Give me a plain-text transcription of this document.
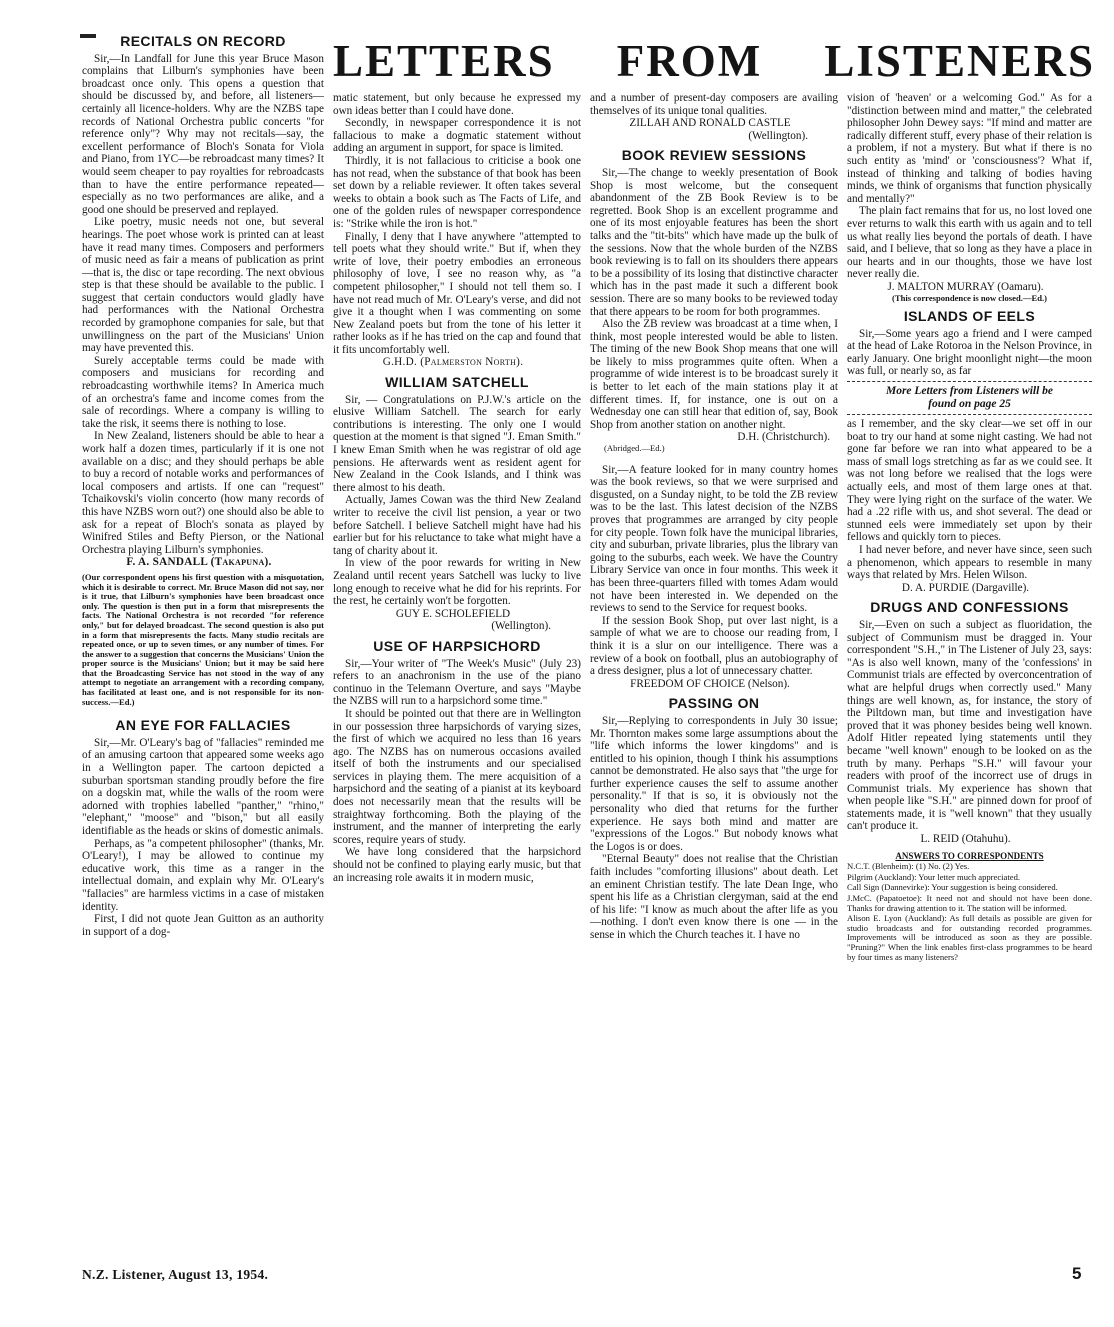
LETTERS FROM LISTENERS
RECITALS ON RECORD

Sir,—In Landfall for June this year Bruce Mason complains that Lilburn's symphonies have been broadcast once only. This opens a question that should be discussed by, and before, all listeners—certainly all licence-holders. Why are the NZBS tape records of National Orchestra public concerts "for reference only"? Why may not recitals—say, the excellent performance of Bloch's Sonata for Viola and Piano, from 1YC—be rebroadcast many times? It would seem cheaper to pay royalties for rebroadcasts than to have the entire performance repeated—especially as no two performances are alike, and a good one should be preserved and replayed.

Like poetry, music needs not one, but several hearings. The poet whose work is printed can at least have it read many times. Composers and performers of music need as fair a means of publication as print—that is, the disc or tape recording. The next obvious step is that these should be available to the public. I suggest that certain conductors would gladly have had performances with the National Orchestra recorded by gramophone companies for sale, but that unwillingness on the part of the Musicians' Union may have prevented this.

Surely acceptable terms could be made with composers and musicians for recording and rebroadcasting worthwhile items? In America much of an orchestra's fame and income comes from the sale of recordings. Where a company is willing to take the risk, it seems there is nothing to lose.

In New Zealand, listeners should be able to hear a work half a dozen times, particularly if it is one not available on a disc; and they should perhaps be able to buy a record of notable works and performances of local composers and artists. If one can "request" Tchaikovski's violin concerto (how many records of this have NZBS worn out?) one should also be able to ask for a repeat of Bloch's sonata as played by Winifred Stiles and Befty Pierson, or the National Orchestra playing Lilburn's symphonies.

F. A. SANDALL (Takapuna).
(Our correspondent opens his first question with a misquotation, which it is desirable to correct. Mr. Bruce Mason did not say, nor is it true, that Lilburn's symphonies have been broadcast once only. The question is then put in a form that misrepresents the facts. The National Orchestra is not recorded "for reference only," but for delayed broadcast. The second question is also put in a form that misrepresents the facts. Many studio recitals are repeated once, or up to seven times, or any number of times. For the answer to a suggestion that concerns the Musicians' Union the proper source is the Musicians' Union; but it may be said here that the Broadcasting Service has not stood in the way of any attempt to negotiate an arrangement with a recording company, has facilitated at least one, and is not responsible for its non-success.—Ed.)
AN EYE FOR FALLACIES

Sir,—Mr. O'Leary's bag of "fallacies" reminded me of an amusing cartoon that appeared some weeks ago in a Wellington paper. The cartoon depicted a suburban sportsman standing proudly before the fire on a dogskin mat, while the walls of the room were adorned with trophies labelled "panther," "rhino," "elephant," "moose" and "bison," but all easily identifiable as the heads or skins of domestic animals.

Perhaps, as "a competent philosopher" (thanks, Mr. O'Leary!), I may be allowed to continue my educative work, this time as a ranger in the intellectual domain, and explain why Mr. O'Leary's "fallacies" are harmless victims in a case of mistaken identity.

First, I did not quote Jean Guitton as an authority in support of a dog-

matic statement, but only because he expressed my own ideas better than I could have done.

Secondly, in newspaper correspondence it is not fallacious to make a dogmatic statement without adding an argument in support, for space is limited.

Thirdly, it is not fallacious to criticise a book one has not read, when the substance of that book has been set down by a reliable reviewer. It often takes several weeks to obtain a book such as The Facts of Life, and one of the golden rules of newspaper correspondence is: "Strike while the iron is hot."

Finally, I deny that I have anywhere "attempted to tell poets what they should write." But if, when they write of love, their poetry embodies an erroneous philosophy of love, I see no reason why, as "a competent philosopher," I should not tell them so. I have not read much of Mr. O'Leary's verse, and did not give it a thought when I was commenting on some New Zealand poets but from the tone of his letter it rather looks as if he has tried on the cap and found that it fits uncomfortably well.

G.H.D. (Palmerston North).
WILLIAM SATCHELL

Sir, — Congratulations on P.J.W.'s article on the elusive William Satchell. The search for early contributions is interesting. The only one I would question at the moment is that signed "J. Eman Smith." I knew Eman Smith when he was registrar of old age pensions. He afterwards went as resident agent for New Zealand in the Cook Islands, and I think was there almost to his death.

Actually, James Cowan was the third New Zealand writer to receive the civil list pension, a year or two before Satchell. I believe Satchell might have had his earlier but for his reluctance to take what might have a tang of charity about it.

In view of the poor rewards for writing in New Zealand until recent years Satchell was lucky to live long enough to receive what he did for his reprints. For the rest, he certainly won't be forgotten.

GUY E. SCHOLEFIELD
(Wellington).
USE OF HARPSICHORD

Sir,—Your writer of "The Week's Music" (July 23) refers to an anachronism in the use of the piano continuo in the Telemann Overture, and says "Maybe the NZBS will run to a harpsichord some time."

It should be pointed out that there are in Wellington in our possession three harpsichords of varying sizes, the first of which we acquired no less than 16 years ago. The NZBS has on numerous occasions availed itself of both the instruments and our specialised services in playing them. The mere acquisition of a harpsichord and the seating of a pianist at its keyboard does not necessarily mean that the results will be straightway forthcoming. Both the playing of the instrument, and the manner of interpreting the early scores, require years of study.

We have long considered that the harpsichord should not be confined to playing early music, but that an increasing role awaits it in modern music,

and a number of present-day composers are availing themselves of its unique tonal qualities.

ZILLAH AND RONALD CASTLE
(Wellington).
BOOK REVIEW SESSIONS

Sir,—The change to weekly presentation of Book Shop is most welcome, but the consequent abandonment of the ZB Book Review is to be regretted. Book Shop is an excellent programme and one of its most enjoyable features has been the short talks and the "tit-bits" which have made up the bulk of the sessions. Now that the whole burden of the NZBS book reviewing is to fall on its shoulders there appears to be a possibility of its losing that distinctive character which has in the past made it such a different book session. There are so many books to be reviewed today that there appears to be room for both programmes.

Also the ZB review was broadcast at a time when, I think, most people interested would be able to listen. The timing of the new Book Shop means that one will be likely to miss programmes quite often. When a programme of wide interest is to be broadcast surely it is better to let each of the main stations play it at different times. If, for instance, one is out on a Wednesday one can still hear that edition of, say, Book Shop from another station on another night.

D.H. (Christchurch).
(Abridged.—Ed.)

Sir,—A feature looked for in many country homes was the book reviews, so that we were surprised and disgusted, on a Sunday night, to be told the ZB review was to be the last. This latest decision of the NZBS proves that programmes are arranged by city people for city people. Town folk have the municipal libraries, city and suburban, private libraries, plus the library van going to the suburbs, each week. We have the Country Library Service van once in four months. This week it has been three-quarters filled with tomes Adam would not have been interested in. We depended on the reviews to send to the Service for request books.

If the session Book Shop, put over last night, is a sample of what we are to choose our reading from, I think it is a slur on our intelligence. There was a review of a book on football, plus an autobiography of a dress designer, plus a lot of unnecessary chatter.

FREEDOM OF CHOICE (Nelson).
PASSING ON

Sir,—Replying to correspondents in July 30 issue; Mr. Thornton makes some large assumptions about the "life which informs the lower kingdoms" and is entitled to his opinion, though I think his assumptions cannot be demonstrated. He also says that "the urge for further experience causes the self to assume another personality." If that is so, it is obviously not the personality who died that returns for the further experience. He says both mind and matter are "expressions of the Logos." But nobody knows what the Logos is or does.

"Eternal Beauty" does not realise that the Christian faith includes "comforting illusions" about death. Let an eminent Christian testify. The late Dean Inge, who spent his life as a Christian clergyman, said at the end of his life: "I know as much about the after life as you—nothing. I don't even know there is one — in the sense in which the Church teaches it. I have no

vision of 'heaven' or a welcoming God." As for a "distinction between mind and matter," the celebrated philosopher John Dewey says: "If mind and matter are radically different stuff, every phase of their relation is a problem, if not a mystery. But what if there is no such entity as 'mind' or 'consciousness'? What if, instead of thinking and talking of bodies having minds, we think of organisms that function physically and mentally?"

The plain fact remains that for us, no lost loved one ever returns to walk this earth with us again and to tell us what really lies beyond the portals of death. I have said, and I believe, that so long as they have a place in our hearts and in our thoughts, those we have lost never really die.

J. MALTON MURRAY (Oamaru).
(This correspondence is now closed.—Ed.)
ISLANDS OF EELS

Sir,—Some years ago a friend and I were camped at the head of Lake Rotoroa in the Nelson Province, in early January. One bright moonlight night—the moon was full, or nearly so, as far

More Letters from Listeners will be
found on page 25

as I remember, and the sky clear—we set off in our boat to try our hand at some night casting. We had not gone far before we ran into what appeared to be a mass of small logs stretching as far as we could see. It was not long before we realised that the logs were actually eels, and most of them large ones at that. They were lying right on the surface of the water. We had a .22 rifle with us, and shot several. The dead or stunned eels were immediately set upon by their fellows and quickly torn to pieces.

I had never before, and never have since, seen such a phenomenon, which appears to resemble in many ways that related by Mrs. Helen Wilson.

D. A. PURDIE (Dargaville).
DRUGS AND CONFESSIONS

Sir,—Even on such a subject as fluoridation, the subject of Communism must be dragged in. Your correspondent "S.H.," in The Listener of July 23, says: "As is also well known, many of the 'confessions' in Communist trials are effected by overconcentration of what are helpful drugs when correctly used." Many things are well known, as, for instance, the story of the Piltdown man, but time and investigation have proved that it was phoney besides being well known. Adolf Hitler repeated lying statements until they became "well known" enough to be looked on as the truth by many. Perhaps "S.H." will favour your readers with proof of the incorrect use of drugs in Communist trials. My experience has shown that when people like "S.H." are pinned down for proof of statements made, it is "well known" that they usually can't produce it.

L. REID (Otahuhu).

ANSWERS TO CORRESPONDENTS

N.C.T. (Blenheim): (1) No. (2) Yes.

Pilgrim (Auckland): Your letter much appreciated.

Call Sign (Dannevirke): Your suggestion is being considered.

J.McC. (Papatoetoe): It need not and should not have been done. Thanks for drawing attention to it. The station will be informed.

Alison E. Lyon (Auckland): As full details as possible are given for studio broadcasts and for outstanding recorded programmes. Improvements will be introduced as soon as they are possible. "Pruning?" When the link enables first-class programmes to be heard by four times as many listeners?

N.Z. Listener, August 13, 1954.	5
